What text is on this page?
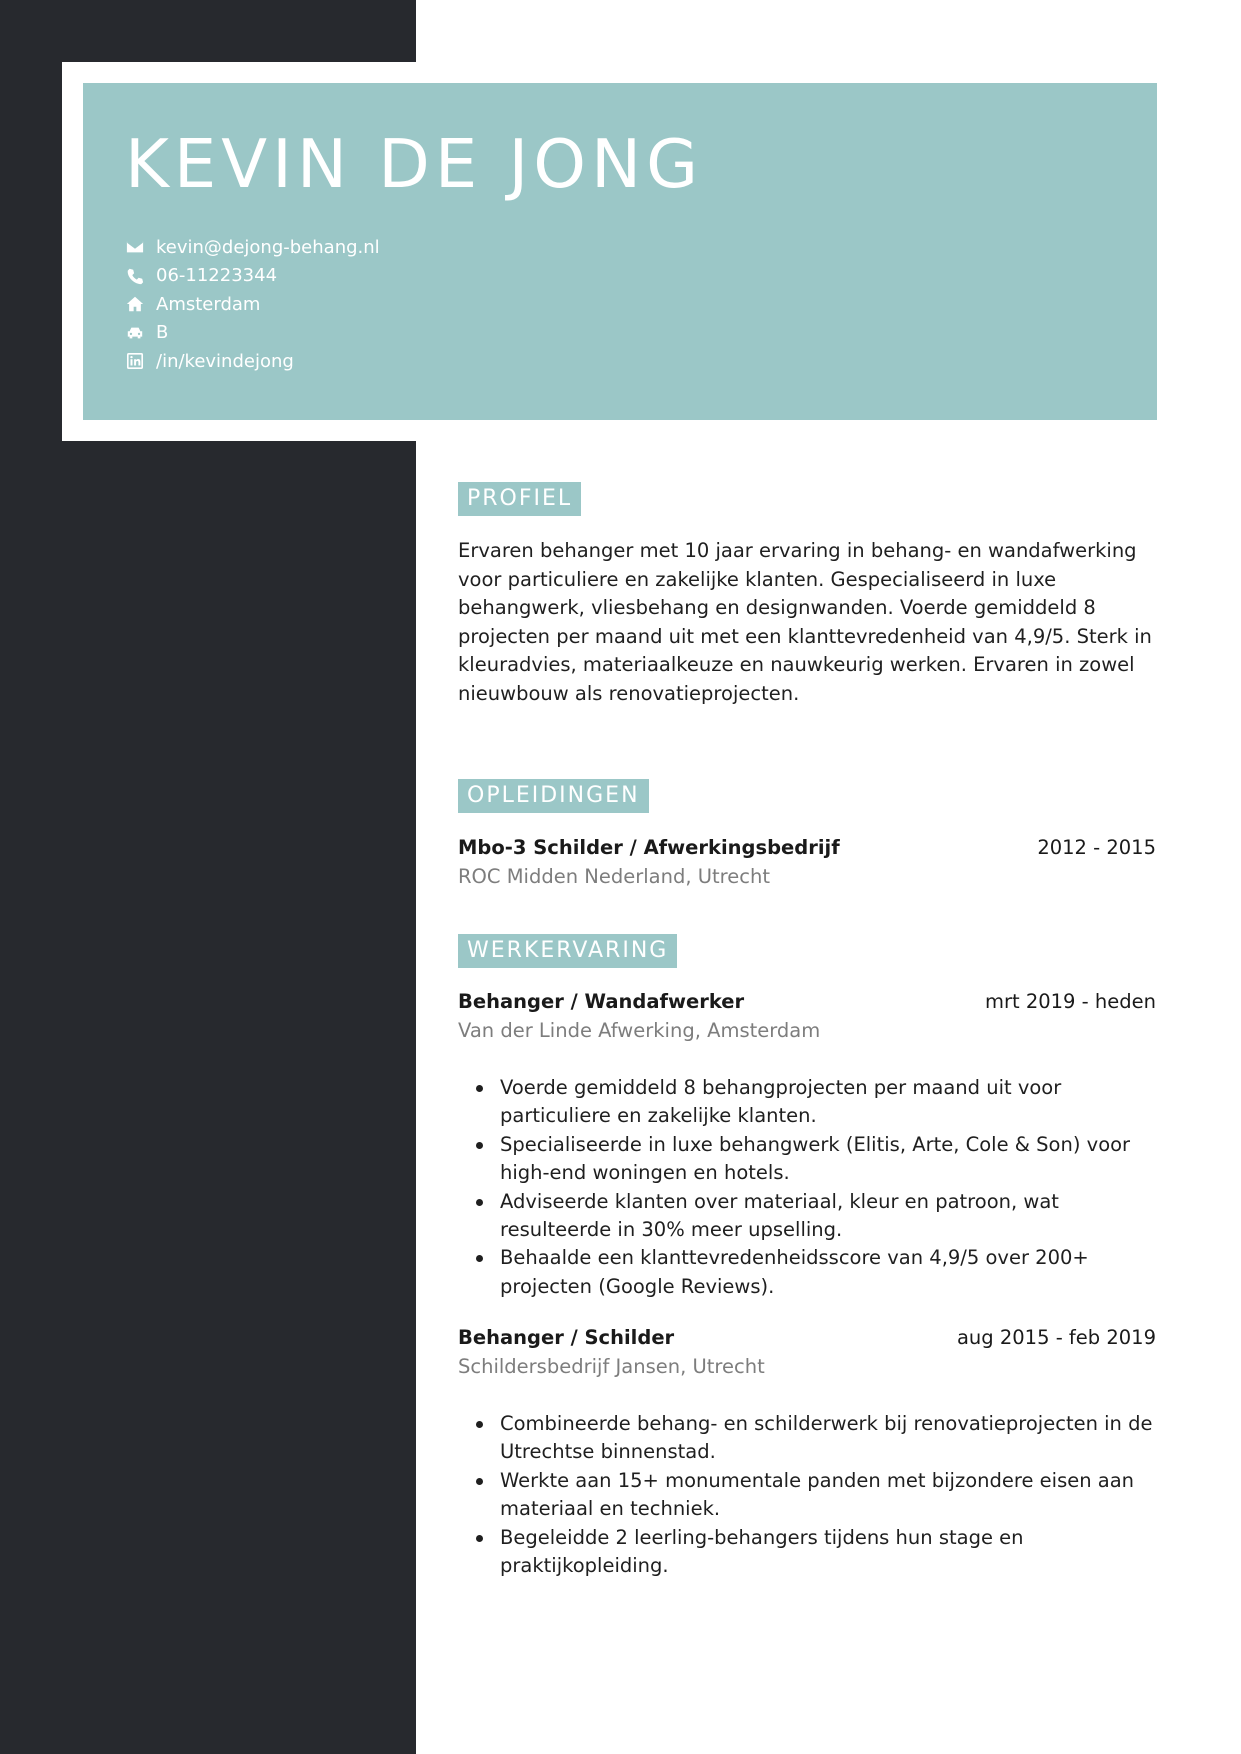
KEVIN DE JONG
kevin@dejong-behang.nl
06-11223344
Amsterdam
B
/in/kevindejong
PROFIEL

Ervaren behanger met 10 jaar ervaring in behang- en wandafwerking voor particuliere en zakelijke klanten. Gespecialiseerd in luxe behangwerk, vliesbehang en designwanden. Voerde gemiddeld 8 projecten per maand uit met een klanttevredenheid van 4,9/5. Sterk in kleuradvies, materiaalkeuze en nauwkeurig werken. Ervaren in zowel nieuwbouw als renovatieprojecten.

OPLEIDINGEN
Mbo-3 Schilder / Afwerkingsbedrijf	2012 - 2015
ROC Midden Nederland, Utrecht
WERKERVARING
Behanger / Wandafwerker	mrt 2019 - heden
Van der Linde Afwerking, Amsterdam
Voerde gemiddeld 8 behangprojecten per maand uit voor particuliere en zakelijke klanten.
Specialiseerde in luxe behangwerk (Elitis, Arte, Cole & Son) voor high-end woningen en hotels.
Adviseerde klanten over materiaal, kleur en patroon, wat resulteerde in 30% meer upselling.
Behaalde een klanttevredenheidsscore van 4,9/5 over 200+ projecten (Google Reviews).
Behanger / Schilder	aug 2015 - feb 2019
Schildersbedrijf Jansen, Utrecht
Combineerde behang- en schilderwerk bij renovatieprojecten in de Utrechtse binnenstad.
Werkte aan 15+ monumentale panden met bijzondere eisen aan materiaal en techniek.
Begeleidde 2 leerling-behangers tijdens hun stage en praktijkopleiding.
